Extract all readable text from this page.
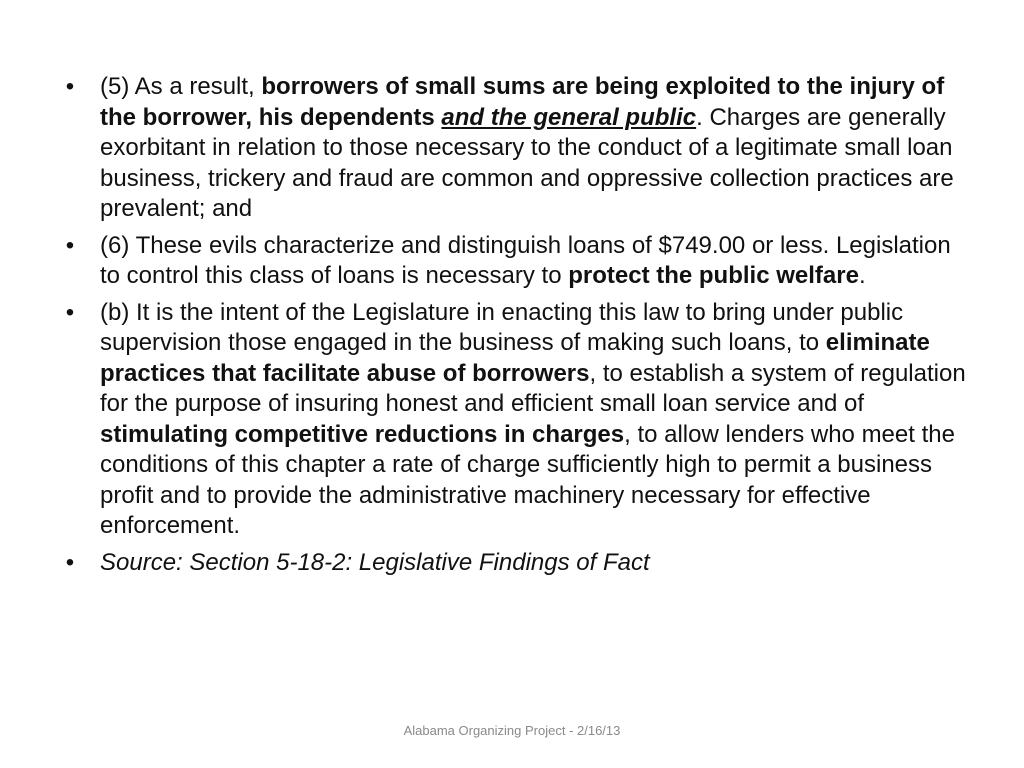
• (5) As a result, borrowers of small sums are being exploited to the injury of the borrower, his dependents and the general public. Charges are generally exorbitant in relation to those necessary to the conduct of a legitimate small loan business, trickery and fraud are common and oppressive collection practices are prevalent; and
• (6) These evils characterize and distinguish loans of $749.00 or less. Legislation to control this class of loans is necessary to protect the public welfare.
• (b) It is the intent of the Legislature in enacting this law to bring under public supervision those engaged in the business of making such loans, to eliminate practices that facilitate abuse of borrowers, to establish a system of regulation for the purpose of insuring honest and efficient small loan service and of stimulating competitive reductions in charges, to allow lenders who meet the conditions of this chapter a rate of charge sufficiently high to permit a business profit and to provide the administrative machinery necessary for effective enforcement.
• Source: Section 5-18-2: Legislative Findings of Fact
Alabama Organizing Project - 2/16/13
